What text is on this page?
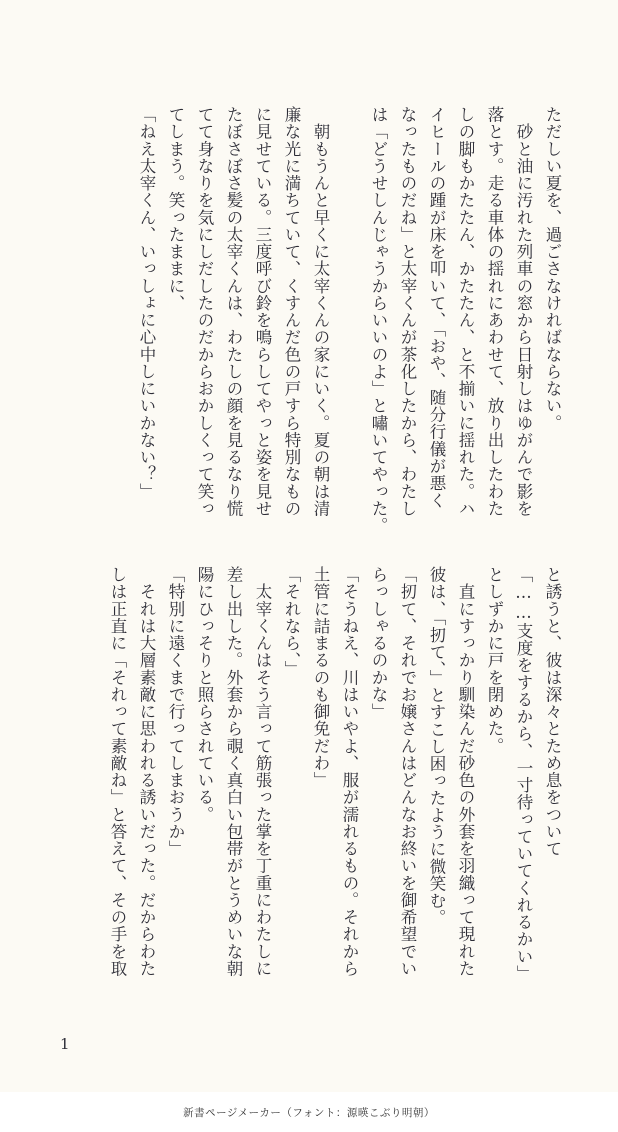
ただしい夏を、過ごさなければならない。
　砂と油に汚れた列車の窓から日射しはゆがんで影を
落とす。走る車体の揺れにあわせて、放り出したわた
しの脚もかたたん、かたたん、と不揃いに揺れた。ハ
イヒールの踵が床を叩いて、「おや、随分行儀が悪く
なったものだね」と太宰くんが茶化したから、わたし
は「どうせしんじゃうからいいのよ」と嘯いてやった。
　朝もうんと早くに太宰くんの家にいく。夏の朝は清
廉な光に満ちていて、くすんだ色の戸すら特別なもの
に見せている。三度呼び鈴を鳴らしてやっと姿を見せ
たぼさぼさ髪の太宰くんは、わたしの顔を見るなり慌
てて身なりを気にしだしたのだからおかしくって笑っ
てしまう。笑ったままに、
「ねえ太宰くん、いっしょに心中しにいかない？」
と誘うと、彼は深々とため息をついて
「……支度をするから、一寸待っていてくれるかい」
としずかに戸を閉めた。
　直にすっかり馴染んだ砂色の外套を羽織って現れた
彼は、「扨て、」とすこし困ったように微笑む。
「扨て、それでお嬢さんはどんなお終いを御希望でい
らっしゃるのかな」
「そうねえ、川はいやよ、服が濡れるもの。それから
土管に詰まるのも御免だわ」
「それなら、」
　太宰くんはそう言って筋張った掌を丁重にわたしに
差し出した。外套から覗く真白い包帯がとうめいな朝
陽にひっそりと照らされている。
「特別に遠くまで行ってしまおうか」
　それは大層素敵に思われる誘いだった。だからわた
しは正直に「それって素敵ね」と答えて、その手を取
1
新書ページメーカー（フォント：源暎こぶり明朝）
